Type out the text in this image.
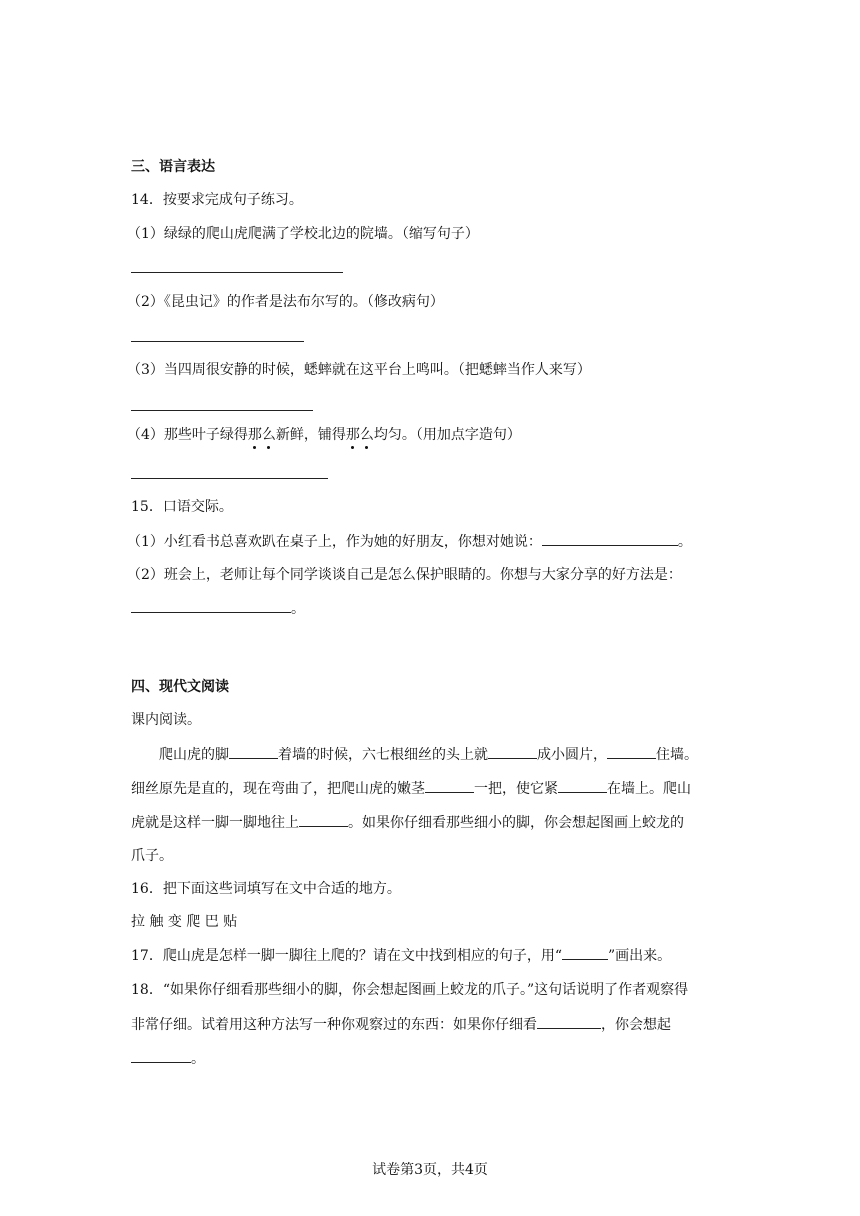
三、语言表达
14．按要求完成句子练习。
（1）绿绿的爬山虎爬满了学校北边的院墙。（缩写句子）
（2）《昆虫记》的作者是法布尔写的。（修改病句）
（3）当四周很安静的时候，蟋蟀就在这平台上鸣叫。（把蟋蟀当作人来写）
（4）那些叶子绿得那么新鲜，铺得那么均匀。（用加点字造句）
15．口语交际。
（1）小红看书总喜欢趴在桌子上，作为她的好朋友，你想对她说：	。
（2）班会上，老师让每个同学谈谈自己是怎么保护眼睛的。你想与大家分享的好方法是：
。
四、现代文阅读
课内阅读。
爬山虎的脚	着墙的时候，六七根细丝的头上就	成小圆片，	住墙。
细丝原先是直的，现在弯曲了，把爬山虎的嫩茎	一把，使它紧	在墙上。爬山
虎就是这样一脚一脚地往上	。如果你仔细看那些细小的脚，你会想起图画上蛟龙的
爪子。
16．把下面这些词填写在文中合适的地方。
拉 触 变 爬 巴 贴
17．爬山虎是怎样一脚一脚往上爬的？请在文中找到相应的句子，用“	”画出来。
18．“如果你仔细看那些细小的脚，你会想起图画上蛟龙的爪子。”这句话说明了作者观察得
非常仔细。试着用这种方法写一种你观察过的东西：如果你仔细看	，你会想起
。
试卷第3页，共4页
